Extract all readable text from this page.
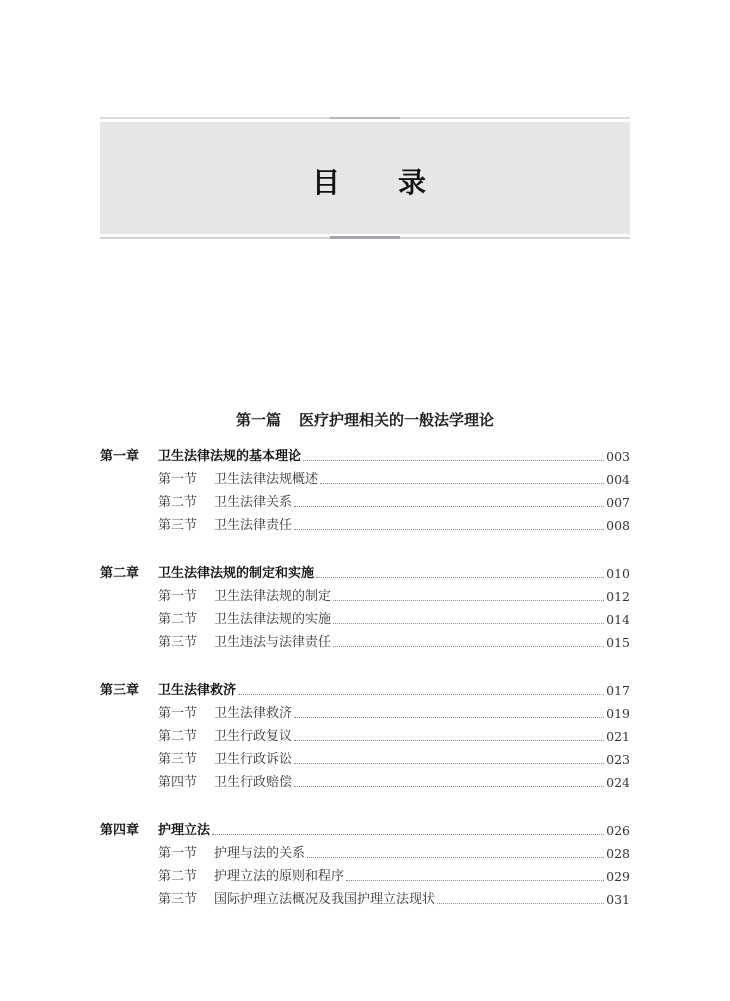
目 录
第一篇 医疗护理相关的一般法学理论
第一章	卫生法律法规的基本理论	003
第一节	卫生法律法规概述	004
第二节	卫生法律关系	007
第三节	卫生法律责任	008
第二章	卫生法律法规的制定和实施	010
第一节	卫生法律法规的制定	012
第二节	卫生法律法规的实施	014
第三节	卫生违法与法律责任	015
第三章	卫生法律救济	017
第一节	卫生法律救济	019
第二节	卫生行政复议	021
第三节	卫生行政诉讼	023
第四节	卫生行政赔偿	024
第四章	护理立法	026
第一节	护理与法的关系	028
第二节	护理立法的原则和程序	029
第三节	国际护理立法概况及我国护理立法现状	031
